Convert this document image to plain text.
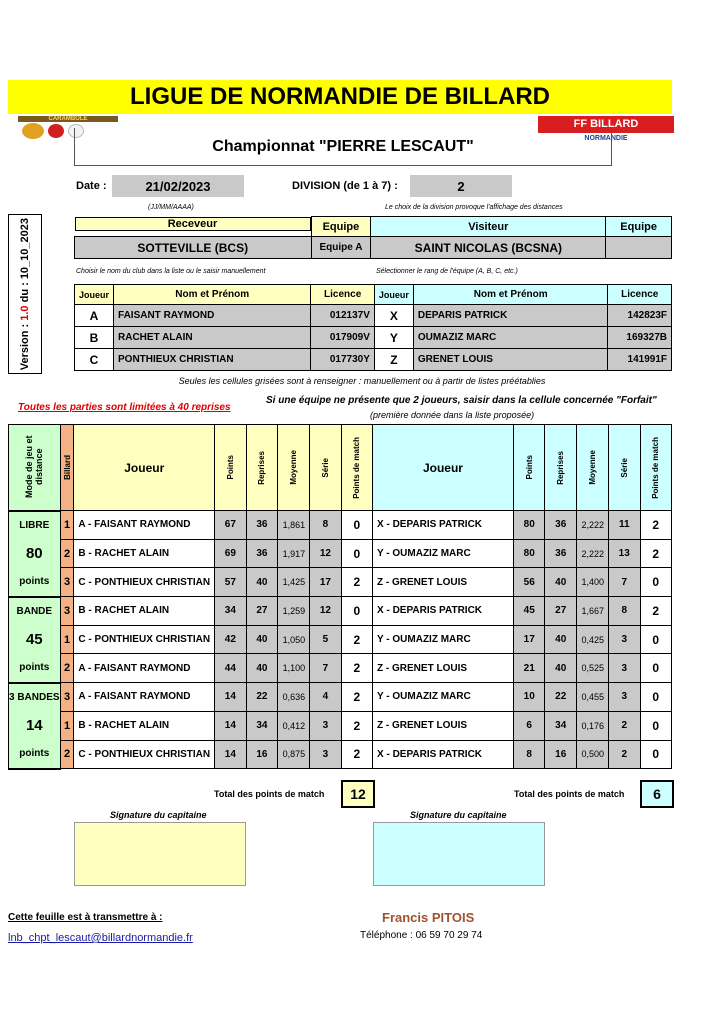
LIGUE DE NORMANDIE DE BILLARD
CARAMBOLE	FF BILLARD
NORMANDIE
Championnat "PIERRE LESCAUT"
Date :	21/02/2023
(JJ/MM/AAAA)
DIVISION (de 1 à 7) :	2
Le choix de la division provoque l'affichage des distances
Version : 1.0 du : 10_10_2023	Receveur	Equipe	Visiteur	Equipe
SOTTEVILLE (BCS)	Equipe A	SAINT NICOLAS (BCSNA)	
Choisir le nom du club dans la liste ou le saisir manuellement	Sélectionner le rang de l'équipe (A, B, C, etc.)
Joueur	Nom et Prénom	Licence	Joueur	Nom et Prénom	Licence
A	FAISANT RAYMOND	012137V	X	DEPARIS PATRICK	142823F
B	RACHET ALAIN	017909V	Y	OUMAZIZ MARC	169327B
C	PONTHIEUX CHRISTIAN	017730Y	Z	GRENET LOUIS	141991F
Seules les cellules grisées sont à renseigner : manuellement ou à partir de listes préétablies
Toutes les parties sont limitées à 40 reprises
Si une équipe ne présente que 2 joueurs, saisir dans la cellule concernée "Forfait"
(première donnée dans la liste proposée)
Mode de jeu et distance	Billard	Joueur	Points	Reprises	Moyenne	Série	Points de match	Joueur	Points	Reprises	Moyenne	Série	Points de match

LIBRE	1	A - FAISANT RAYMOND	67	36	1,861	8	0	X - DEPARIS PATRICK	80	36	2,222	11	2
80	2	B - RACHET ALAIN	69	36	1,917	12	0	Y - OUMAZIZ MARC	80	36	2,222	13	2
points	3	C - PONTHIEUX CHRISTIAN	57	40	1,425	17	2	Z - GRENET LOUIS	56	40	1,400	7	0
BANDE	3	B - RACHET ALAIN	34	27	1,259	12	0	X - DEPARIS PATRICK	45	27	1,667	8	2
45	1	C - PONTHIEUX CHRISTIAN	42	40	1,050	5	2	Y - OUMAZIZ MARC	17	40	0,425	3	0
points	2	A - FAISANT RAYMOND	44	40	1,100	7	2	Z - GRENET LOUIS	21	40	0,525	3	0
3 BANDES	3	A - FAISANT RAYMOND	14	22	0,636	4	2	Y - OUMAZIZ MARC	10	22	0,455	3	0
14	1	B - RACHET ALAIN	14	34	0,412	3	2	Z - GRENET LOUIS	6	34	0,176	2	0
points	2	C - PONTHIEUX CHRISTIAN	14	16	0,875	3	2	X - DEPARIS PATRICK	8	16	0,500	2	0
Total des points de match	12	Total des points de match	6
Signature du capitaine	Signature du capitaine
Cette feuille est à transmettre à :
lnb_chpt_lescaut@billardnormandie.fr
Francis PITOIS
Téléphone : 06 59 70 29 74
